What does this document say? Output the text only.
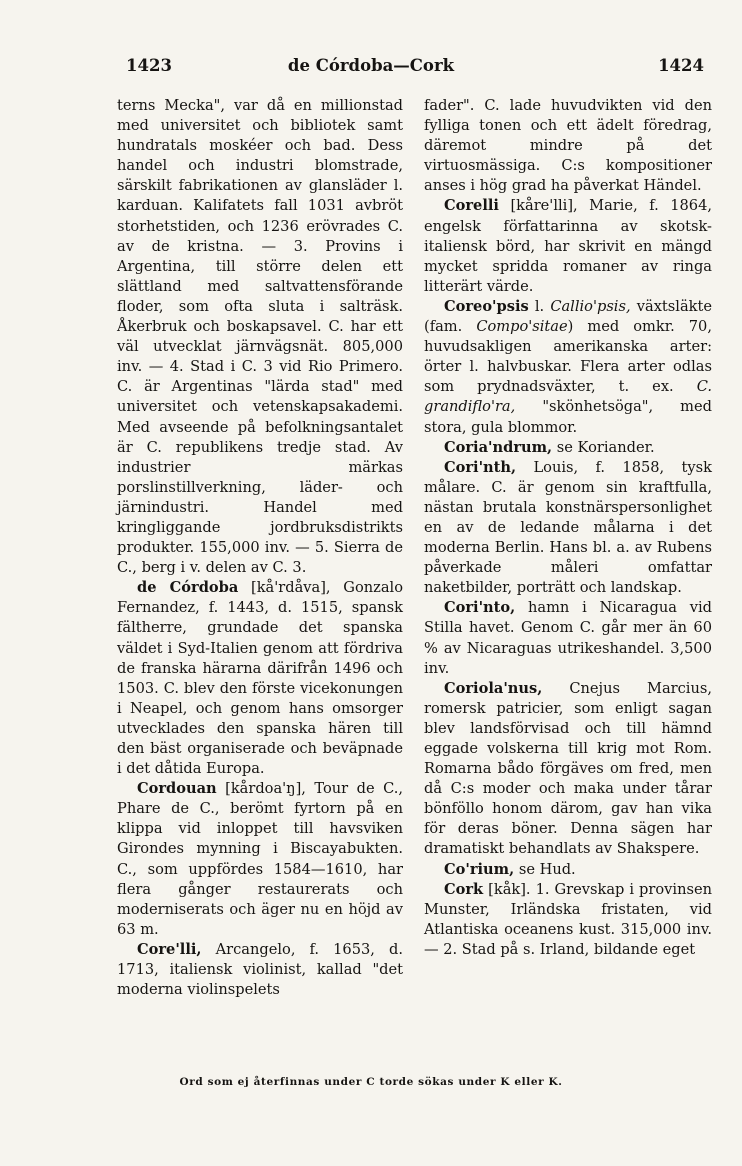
1423	de Córdoba—Cork	1424

terns Mecka", var då en millionstad med universitet och bibliotek samt hundratals moskéer och bad. Dess handel och industri blomstrade, särskilt fabrikationen av glansläder l. karduan. Kalifatets fall 1031 avbröt storhetstiden, och 1236 erövrades C. av de kristna. — 3. Provins i Argentina, till större delen ett slättland med saltvattensförande floder, som ofta sluta i salträsk. Åkerbruk och boskapsavel. C. har ett väl utvecklat järnvägsnät. 805,000 inv. — 4. Stad i C. 3 vid Rio Primero. C. är Argentinas "lärda stad" med universitet och vetenskapsakademi. Med avseende på befolkningsantalet är C. republikens tredje stad. Av industrier märkas porslinstillverkning, läder- och järnindustri. Handel med kringliggande jordbruksdistrikts produkter. 155,000 inv. — 5. Sierra de C., berg i v. delen av C. 3.

de Córdoba [kå'rdåva], Gonzalo Fernandez, f. 1443, d. 1515, spansk fältherre, grundade det spanska väldet i Syd-Italien genom att fördriva de franska härarna därifrån 1496 och 1503. C. blev den förste vicekonungen i Neapel, och genom hans omsorger utvecklades den spanska hären till den bäst organiserade och beväpnade i det dåtida Europa.

Cordouan [kårdoa'ŋ], Tour de C., Phare de C., berömt fyrtorn på en klippa vid inloppet till havsviken Girondes mynning i Biscayabukten. C., som uppfördes 1584—1610, har flera gånger restaurerats och moderniserats och äger nu en höjd av 63 m.

Core'lli, Arcangelo, f. 1653, d. 1713, italiensk violinist, kallad "det moderna violinspelets

fader". C. lade huvudvikten vid den fylliga tonen och ett ädelt föredrag, däremot mindre på det virtuosmässiga. C:s kompositioner anses i hög grad ha påverkat Händel.

Corelli [kåre'lli], Marie, f. 1864, engelsk författarinna av skotsk-italiensk börd, har skrivit en mängd mycket spridda romaner av ringa litterärt värde.

Coreo'psis l. Callio'psis, växtsläkte (fam. Compo'sitae) med omkr. 70, huvudsakligen amerikanska arter: örter l. halvbuskar. Flera arter odlas som prydnadsväxter, t. ex. C. grandiflo'ra, "skönhetsöga", med stora, gula blommor.

Coria'ndrum, se Koriander.

Cori'nth, Louis, f. 1858, tysk målare. C. är genom sin kraftfulla, nästan brutala konstnärspersonlighet en av de ledande målarna i det moderna Berlin. Hans bl. a. av Rubens påverkade måleri omfattar naketbilder, porträtt och landskap.

Cori'nto, hamn i Nicaragua vid Stilla havet. Genom C. går mer än 60 % av Nicaraguas utrikeshandel. 3,500 inv.

Coriola'nus, Cnejus Marcius, romersk patricier, som enligt sagan blev landsförvisad och till hämnd eggade volskerna till krig mot Rom. Romarna bådo förgäves om fred, men då C:s moder och maka under tårar bönföllo honom därom, gav han vika för deras böner. Denna sägen har dramatiskt behandlats av Shakspere.

Co'rium, se Hud.

Cork [kåk]. 1. Grevskap i provinsen Munster, Irländska fristaten, vid Atlantiska oceanens kust. 315,000 inv. — 2. Stad på s. Irland, bildande eget

Ord som ej återfinnas under C torde sökas under K eller K.
